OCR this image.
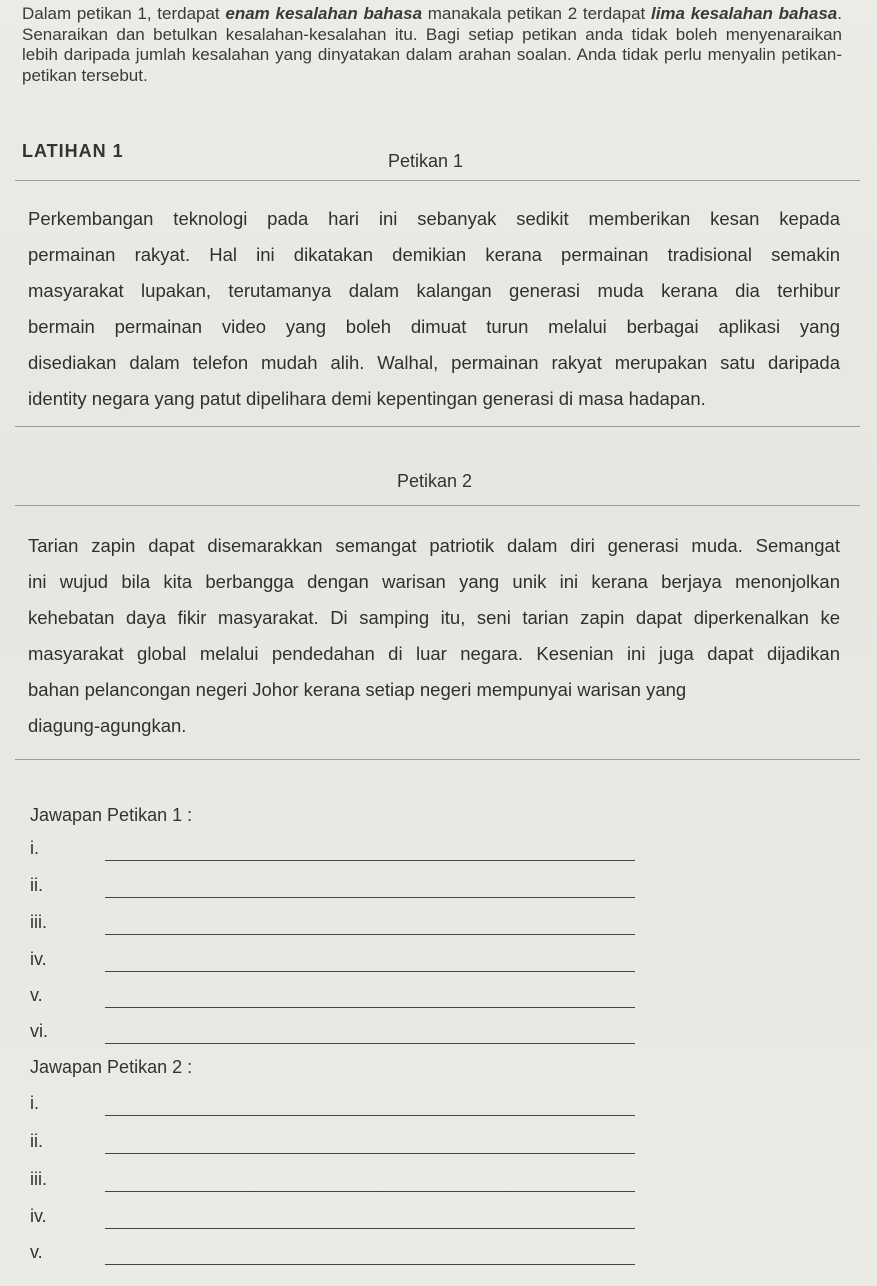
Dalam petikan 1, terdapat enam kesalahan bahasa manakala petikan 2 terdapat lima kesalahan bahasa. Senaraikan dan betulkan kesalahan-kesalahan itu. Bagi setiap petikan anda tidak boleh menyenaraikan lebih daripada jumlah kesalahan yang dinyatakan dalam arahan soalan. Anda tidak perlu menyalin petikan-petikan tersebut.
LATIHAN 1	Petikan 1
Perkembangan teknologi pada hari ini sebanyak sedikit memberikan kesan kepada
permainan rakyat. Hal ini dikatakan demikian kerana permainan tradisional semakin
masyarakat lupakan, terutamanya dalam kalangan generasi muda kerana dia terhibur
bermain permainan video yang boleh dimuat turun melalui berbagai aplikasi yang
disediakan dalam telefon mudah alih. Walhal, permainan rakyat merupakan satu daripada
identity negara yang patut dipelihara demi kepentingan generasi di masa hadapan.
Petikan 2
Tarian zapin dapat disemarakkan semangat patriotik dalam diri generasi muda. Semangat
ini wujud bila kita berbangga dengan warisan yang unik ini kerana berjaya menonjolkan
kehebatan daya fikir masyarakat. Di samping itu, seni tarian zapin dapat diperkenalkan ke
masyarakat global melalui pendedahan di luar negara. Kesenian ini juga dapat dijadikan
bahan pelancongan negeri Johor kerana setiap negeri mempunyai warisan yang
diagung-agungkan.
Jawapan Petikan 1 :
i.
ii.
iii.
iv.
v.
vi.
Jawapan Petikan 2 :
i.
ii.
iii.
iv.
v.
